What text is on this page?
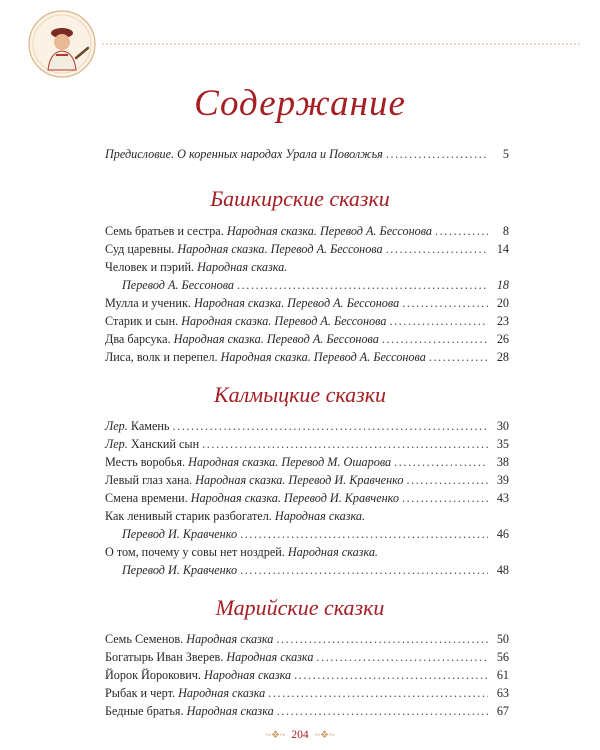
Содержание
Предисловие. О коренных народах Урала и Поволжья .....	5
Башкирские сказки
Семь братьев и сестра. Народная сказка. Перевод А. Бессонова .....	8
Суд царевны. Народная сказка. Перевод А. Бессонова .....	14
Человек и пэрий. Народная сказка.
Перевод А. Бессонова .....	18
Мулла и ученик. Народная сказка. Перевод А. Бессонова .....	20
Старик и сын. Народная сказка. Перевод А. Бессонова .....	23
Два барсука. Народная сказка. Перевод А. Бессонова .....	26
Лиса, волк и перепел. Народная сказка. Перевод А. Бессонова .....	28
Калмыцкие сказки
Лер. Камень .....	30
Лер. Ханский сын .....	35
Месть воробья. Народная сказка. Перевод М. Ошарова .....	38
Левый глаз хана. Народная сказка. Перевод И. Кравченко .....	39
Смена времени. Народная сказка. Перевод И. Кравченко .....	43
Как ленивый старик разбогател. Народная сказка.
Перевод И. Кравченко .....	46
О том, почему у совы нет ноздрей. Народная сказка.
Перевод И. Кравченко .....	48
Марийские сказки
Семь Семенов. Народная сказка .....	50
Богатырь Иван Зверев. Народная сказка .....	56
Йорок Йорокович. Народная сказка .....	61
Рыбак и черт. Народная сказка .....	63
Бедные братья. Народная сказка .....	67
~❖~ 204 ~❖~
